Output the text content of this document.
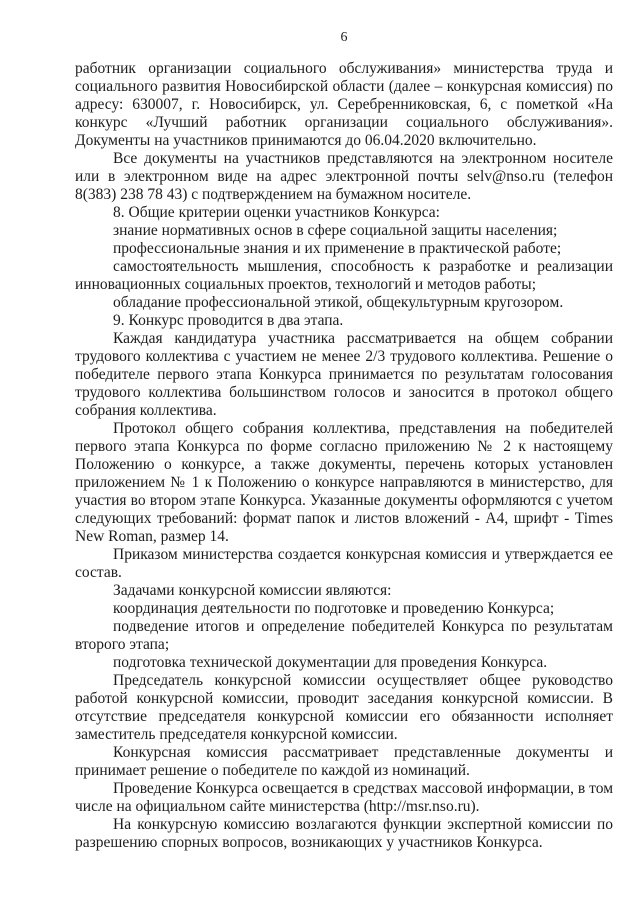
6

работник организации социального обслуживания» министерства труда и социального развития Новосибирской области (далее – конкурсная комиссия) по адресу: 630007, г. Новосибирск, ул. Серебренниковская, 6, с пометкой «На конкурс «Лучший работник организации социального обслуживания». Документы на участников принимаются до 06.04.2020 включительно.

Все документы на участников представляются на электронном носителе или в электронном виде на адрес электронной почты selv@nso.ru (телефон 8(383) 238 78 43) с подтверждением на бумажном носителе.

8. Общие критерии оценки участников Конкурса:

знание нормативных основ в сфере социальной защиты населения;

профессиональные знания и их применение в практической работе;

самостоятельность мышления, способность к разработке и реализации инновационных социальных проектов, технологий и методов работы;

обладание профессиональной этикой, общекультурным кругозором.

9. Конкурс проводится в два этапа.

Каждая кандидатура участника рассматривается на общем собрании трудового коллектива с участием не менее 2/3 трудового коллектива. Решение о победителе первого этапа Конкурса принимается по результатам голосования трудового коллектива большинством голосов и заносится в протокол общего собрания коллектива.

Протокол общего собрания коллектива, представления на победителей первого этапа Конкурса по форме согласно приложению № 2 к настоящему Положению о конкурсе, а также документы, перечень которых установлен приложением № 1 к Положению о конкурсе направляются в министерство, для участия во втором этапе Конкурса. Указанные документы оформляются с учетом следующих требований: формат папок и листов вложений - А4, шрифт - Times New Roman, размер 14.

Приказом министерства создается конкурсная комиссия и утверждается ее состав.

Задачами конкурсной комиссии являются:

координация деятельности по подготовке и проведению Конкурса;

подведение итогов и определение победителей Конкурса по результатам второго этапа;

подготовка технической документации для проведения Конкурса.

Председатель конкурсной комиссии осуществляет общее руководство работой конкурсной комиссии, проводит заседания конкурсной комиссии. В отсутствие председателя конкурсной комиссии его обязанности исполняет заместитель председателя конкурсной комиссии.

Конкурсная комиссия рассматривает представленные документы и принимает решение о победителе по каждой из номинаций.

Проведение Конкурса освещается в средствах массовой информации, в том числе на официальном сайте министерства (http://msr.nso.ru).

На конкурсную комиссию возлагаются функции экспертной комиссии по разрешению спорных вопросов, возникающих у участников Конкурса.
